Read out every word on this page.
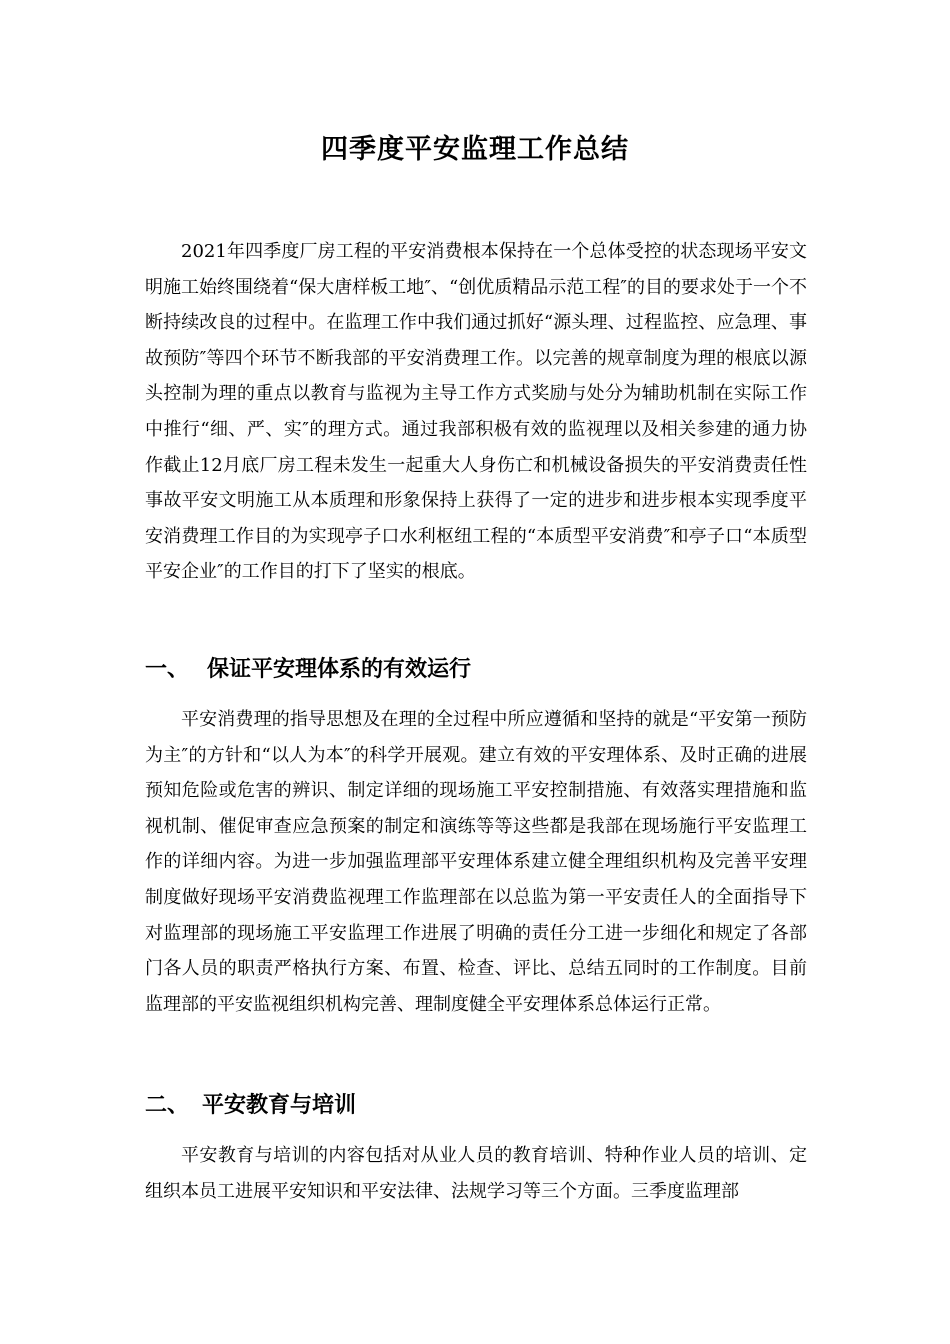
四季度平安监理工作总结

2021年四季度厂房工程的平安消费根本保持在一个总体受控的状态现场平安文明施工始终围绕着“保大唐样板工地″、“创优质精品示范工程″的目的要求处于一个不断持续改良的过程中。在监理工作中我们通过抓好“源头理、过程监控、应急理、事故预防″等四个环节不断我部的平安消费理工作。以完善的规章制度为理的根底以源头控制为理的重点以教育与监视为主导工作方式奖励与处分为辅助机制在实际工作中推行“细、严、实″的理方式。通过我部积极有效的监视理以及相关参建的通力协作截止12月底厂房工程未发生一起重大人身伤亡和机械设备损失的平安消费责任性事故平安文明施工从本质理和形象保持上获得了一定的进步和进步根本实现季度平安消费理工作目的为实现亭子口水利枢纽工程的“本质型平安消费″和亭子口“本质型平安企业″的工作目的打下了坚实的根底。

一、 保证平安理体系的有效运行

平安消费理的指导思想及在理的全过程中所应遵循和坚持的就是“平安第一预防为主″的方针和“以人为本″的科学开展观。建立有效的平安理体系、及时正确的进展预知危险或危害的辨识、制定详细的现场施工平安控制措施、有效落实理措施和监视机制、催促审查应急预案的制定和演练等等这些都是我部在现场施行平安监理工作的详细内容。为进一步加强监理部平安理体系建立健全理组织机构及完善平安理制度做好现场平安消费监视理工作监理部在以总监为第一平安责任人的全面指导下对监理部的现场施工平安监理工作进展了明确的责任分工进一步细化和规定了各部门各人员的职责严格执行方案、布置、检查、评比、总结五同时的工作制度。目前监理部的平安监视组织机构完善、理制度健全平安理体系总体运行正常。

二、 平安教育与培训

平安教育与培训的内容包括对从业人员的教育培训、特种作业人员的培训、定组织本员工进展平安知识和平安法律、法规学习等三个方面。三季度监理部
